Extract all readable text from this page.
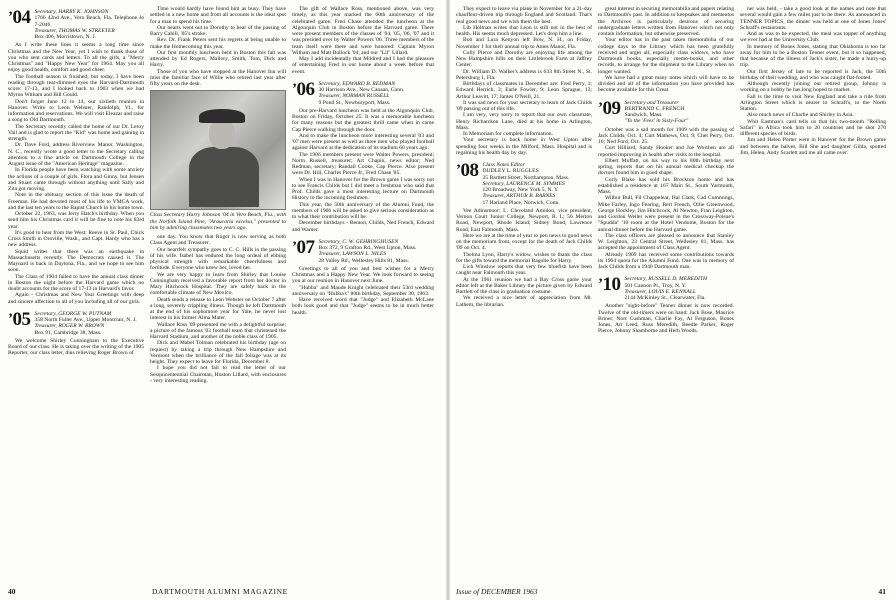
’04 Secretary, HARRY K. JOHNSON
1766 42nd Ave., Vero Beach, Fla. Telephone Jo 7-2046
Treasurer, THOMAS W. STREETER
Box 406, Morristown, N. J.

As I write these lines it seems a long time since Christmas and the New Year, yet I wish to thank those of you who sent cards and letters. To all the girls, a "Merry Christmas" and "Happy New Year" for 1964. May you all enjoy good health, comfort and good cheer.

The football season is finished, but today, I have been reading through tear-dimmed eyes the Harvard-Dartmouth score: 17-13, and I looked back to 1903 when we had Myron Witham and Bill Gould.

Don't forget June 12 to 14, our sixtieth reunion in Hanover. Write to Leon Webster, Randolph, Vt., for information and reservations. We will visit Eleazar and raise a song to Old Dartmouth.

The Secretary recently called the home of our Dr. Leroy Vail and is glad to report the "Kid" was home and gaining in strength.

Dr. Dave Ford, address Riverview Manor, Washington, N. C., recently wrote a good letter to the Secretary calling attention to a fine article on Dartmouth College in the August issue of the "American Heritage" magazine.

In Florida people have been watching with some anxiety the actions of a couple of girls, Flora and Ginny, but Jensen and Stuart came through without anything until Sally and Zita got moving.

Note in the obituary section of this issue the death of Freeman. He had devoted most of his life to YMCA work, and the last ten years to the Bapist Church in his home town.

October 22, 1963, was Jerry Hatch's birthday. When you send him his Christmas card it will be fine to note his 83rd year.

It's good to hear from the West: Reeve in St. Paul, Chick Cross Smith in Oroville, Wash., and Capt. Hardy who has a new address.

Squid writes that there was an earthquake in Massachusetts recently. The Democrats caused it. The Maynard is back in Daytona, Fla., and we hope to see him soon.

The Class of 1904 failed to have the annual class dinner in Boston the night before the Harvard game which no doubt accounts for the score of 17-13 in Harvard's favor.

Again - Christmas and New Year Greetings with deep and sincere affection to all of you including all of our girls.

’05 Secretary, GEORGE W. PUTNAM
358 North Fuller Ave., Upper Montclair, N. J.
Treasurer, ROGER W. BROWN
Box 91, Cambridge 38, Mass.

We welcome Shirley Cunningham to the Executive Board of our class. He is taking over the writing of the 1905 Reporter, our class letter, thus relieving Roger Brown of

Time would hardly have found him as busy. They have settled in a new home and from all accounts is the ideal spot for a man to spend his time.

Our hearts went out to Dorothy to hear of the passing of Barry Cahill, '05's stroke.

Rev. Dr. Frank Peters sent his regrets at being unable to make the Homecoming this year.

Our first monthly luncheon held in Boston this fall was attended by Ed Rogers, Mallory, Smith, Tom, Dick and Harry.

Those of you who have stopped at the Hanover Inn will miss the familiar face of Willie who retired last year after fifty years on the desk.

Class Secretary Harry Johnson '04 in Vero Beach, Fla., with the Norfolk Island Pine, "Araucaria excelsa," presented to him by admiring classmates two years ago.

one day. You know that Roger is now serving as both Class Agent and Treasurer.

Our heartfelt sympathy goes to C. C. Hills in the passing of his wife. Isabel has endured the long ordeal of ebbing physical strength with remarkable cheerfulness and fortitude. Everyone who knew her, loved her.

We are very happy to learn from Shirley that Louise Cunningham received a favorable report from her doctor in Mary Hitchcock Hospital. They are safely back in the comfortable climate of New Mexico.

Death sends a release to Leon Webster on October 7 after a long, severely crippling illness. Though he left Dartmouth at the end of his sophomore year for Yale, he never lost interest in his former Alma Mater.

Wallace Ross '09 presented me with a delightful surprise: a picture of the famous '03 football team that christened the Harvard Stadium, and another of the noble class of 1905.

Dick and Mabel Tolman celebrated his birthday (age on request) by taking a trip through New Hampshire and Vermont when the brilliance of the fall foliage was at its height. They expect to leave for Florida, December 8.

I hope you did not fail to read the letter of our Sesquicentennial Chairman, Huston Lillard, with enclosures - very interesting reading.

The gift of Wallace Ross, mentioned above, was very timely, as this year marked the 60th anniversary of the celebrated game. Fred Chase attended the luncheon at the Algonquin Club in Boston before the Harvard game. There were present members of the classes of '04, '05, '06, '07 and it was presided over by Walter Powers '06. Three members of the team itself were there and were honored: Captain Myron Witham and Matt Bullock '04, and our "Lil" Lillard.

May I add incidentally that Mildred and I had the pleasure of entertaining Fred in our home about a week before that event.

’06 Secretary, EDWARD B. REDMAN
30 Harrison Ave., New Canaan, Conn.
Treasurer, NORMAN RUSSELL
9 Pond St., Newburyport, Mass.

Our pre-Harvard luncheon was held at the Algonquin Club, Boston on Friday, October 25. It was a memorable luncheon for many reasons but the greatest thrill came when in came Cap Pierce walking through the door.

And to make the luncheon more interesting several '03 and '07 men were present as well as three men who played football against Harvard at the dedication of its stadium 60 years ago.

The 1906 members present were Walter Powers, president; Norm Russell, treasurer; Art Chapin, news editor; Ned Redman, secretary; Randall Cooke, Cap Pierce. Also present were Dr. Hill, Charles Pierce Jr., Fred Chase '05.

When I was in Hanover for the Brown game I was sorry not to see Francis Childs but I did meet a freshman who said that Prof. Childs gave a most interesting lecture on Dartmouth History to the incoming freshmen.

This year, the 50th anniversary of the Alumni Fund, the members of 1906 will be asked to give serious consideration as to what their contribution will be.

December birthdays - Benton, Childs, Ned French, Edward and Warner.

’07 Secretary, C. W. GEHRINGHUSEN
Box 372, 9 Grafton Rd., West Upton, Mass.
Treasurer, LAWSON L. NILES
28 Valley Rd., Wellesley Hills 81, Mass.

Greetings to all of you and best wishes for a Merry Christmas and a Happy New Year. We look forward to seeing you at our reunion in Hanover next June.

"Hubba" and Maude Knight celebrated their 53rd wedding anniversary on "Hubba's" 80th birthday, September 30, 1963.

Have received word that "Judge" and Elizabeth McLane both look good and that "Judge" seems to be in much better health.

40	DARTMOUTH ALUMNI MAGAZINE

They expect to leave via plane in November for a 21-day chauffeur-driven trip through England and Scotland. That's real good news and we wish them the best.

Lib Holman writes that Leon is still not in the best of health. His seems much depressed. Let's drop him a line.

Bob and Lura Kenyon left Bow, N. H., on Friday, November 1 for their annual trip to Ames Manor, Fla.

Cully Pierce and Dorothy are enjoying life among the New Hampshire hills on their Littlebrook Farm at Jaffrey Center.

Dr. William D. Walker's address is 633 8th Street N., St. Petersburg 1, Fla.

Birthdays of classmates in December are: Fred Perry, 1; Edward Herrick, 3; Earle Fowler, 9; Leon Sprague, 13; Arthur Leavitt, 17; James O'Neill, 21.

It was sad news for your secretary to learn of Jack Childs '09 passing out of this life.

I am very, very sorry to report that our own classmate, Henry Richardson Lane, died at his home in Arlington, Mass.

In Memoriam for complete information.

Your secretary is back home in West Upton after spending four weeks in the Milford, Mass. Hospital and is regaining his health day by day.

’08 Class Notes Editor
DUDLEY L. RUGGLES
25 Bartlett Street, Northampton, Mass.
Secretary, LAURENCE M. SYMMES
120 Broadway, New York 5, N. Y.
Treasurer, ARTHUR B. BARNES
17 Harland Place, Norwich, Conn.

Vee Adinsmoor: L. Cleveland Amidon, vice president, Vernon Court Junior College, Newport, R. I.; 56 Merton Road, Newport, Rhode Island; Sidney Bond, Lawrence Road, East Falmouth, Mass.

Here we are at the time of year to pen news to good news on the memorium front, except for the death of Jack Childs '09 on Oct. 4.

Thelma Lyon, Harry's widow, wishes to thank the class for the gifts toward the memorial Bagolie for Harry.

Lich Winslow reports that very few bluefish have been caught near Falmouth this year.

At the 1961 reunion we had a Bay Cross game your editor left at the Baker Library the picture given by Edward Bartlett of the class in graduation costume.

We received a nice letter of appreciation from Mr. Lathem, the librarian.

great interest in securing memorabilia and papers relating to Dartmouth's past. In addition to keepsakes and mementos the Archives is particularly desirous of securing undergraduate letters written from Hanover which not only contain information, but otherwise preserved.

Your editor has in the past taken memorabilia of our college days to the Library which has been gratefully received and urges all, especially class widows, who have Dartmouth books, especially memo-books, and other records, to arrange for the shipment to the Library when no longer wanted.

We have had a great many notes which will have to be divided and all of the information you have provided has become available for this Great.

’09 Secretary and Treasurer
BERTRAND C. FRENCH
Sandwich, Mass.
"To the 'Fees' in Sixty-Four"

October was a sad month for 1909 with the passing of Jack Childs, Oct. 4; Curt Mathews, Oct. 9; Chet Perry, Oct. 10; Ned Ford, Oct. 25.

Curt Hilliard, Sandy Hooker and Joe Worthen are all reported improving in health after visits to the hospital.

Elbert Moffatt, on his way to his 80th birthday next spring, reports that on his annual medical checkup the doctors found him in good shape.

Corly Blake has sold his Brockton home and has established a residence at 167 Main St., South Yarmouth, Mass.

Wilbur Bull, Fil Chappelear, Hal Clark, Cad Cummings, Mike Farley, Ingo Fearing, Bert French, Ollie Greenwood, George Hockley, Jim Hitchcock, Al Newton, Fran Leighton, and Gordon Weiler were present in the Crossway-Polsue's "Spudda" '10 room at the Hotel Vendome, Boston for the annual dinner before the Harvard game.

The class officers are pleased to announce that Stanley W. Leighton, 23 Central Street, Wellesley 81, Mass. has accepted the appointment of Class Agent.

Already 1909 has received some contributions towards its 1964 quota for the Alumni Fund. One was in memory of Jack Childs from a 1940 Dartmouth man.

’10 Secretary, RUSSELL D. MEREDITH
501 Cannon Pl., Troy, N. Y.
Treasurer, LOUIS E. KENNALL
2144 McKinley St., Clearwater, Fla.

Another "sight-before" Tenner dinner is now recorded. Twelve of the old-timers were on hand: Jack Bose, Maurice Briner, Nort Cushman, Charlie Fay, Al Ferguson, Bones Jones, Art Leed, Russ Meredith, Beedle Parker, Roger Pierce, Johnny Shamborne and Herb Woods.

ner was held, - take a good look at the names and note that several would gain a few miles just to be there. As announced in TENNER TOPICS, the dinner was held at one of Jones Jones' Schraff's restaurants.

And as was to be expected, the meal was topper of anything we ever had at the University Club.

In memory of Bones Jones, stating that Oklahoma is too far away for him to be a Boston Tenner event, but it so happened, that because of the illness of Jack's sister, he made a hurry-up trip.

Our first Jersey of late to be reported is Jack, the 50th birthday of their wedding, and who was caught flat-footed.

Although recently joining our retired group, Johnny is working on a hobby he has long hoped to market.

Fall is the time to visit New England and take a ride from Arlington Street which is nearer to Schraft's, to the North Station.

Also much news of Charlie and Shirley in Asia.

Whit Eastman's card tells us that his two-month "Rolling Safari" in Africa took him to 20 countries and he shot 270 different species of birds.

Jim and Helen Porter were in Hanover for the Brown game and between the halves, Bill She and daughter Gilda, spotted Jim, Helen, Andy Scarlett and me all came over.

Issue of DECEMBER 1963	41
